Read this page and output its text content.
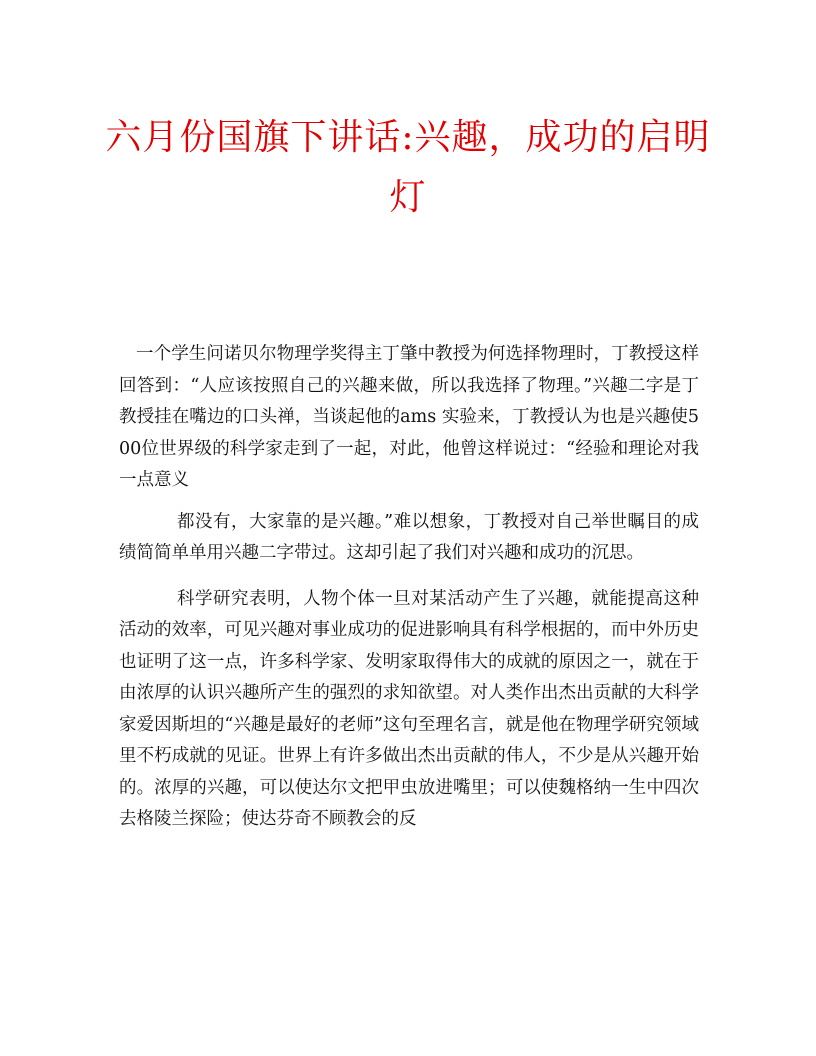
六月份国旗下讲话:兴趣，成功的启明灯

一个学生问诺贝尔物理学奖得主丁肇中教授为何选择物理时，丁教授这样回答到：“人应该按照自己的兴趣来做，所以我选择了物理。”兴趣二字是丁教授挂在嘴边的口头禅，当谈起他的ams 实验来，丁教授认为也是兴趣使500位世界级的科学家走到了一起，对此，他曾这样说过：“经验和理论对我一点意义

都没有，大家靠的是兴趣。”难以想象，丁教授对自己举世瞩目的成绩简简单单用兴趣二字带过。这却引起了我们对兴趣和成功的沉思。

科学研究表明，人物个体一旦对某活动产生了兴趣，就能提高这种活动的效率，可见兴趣对事业成功的促进影响具有科学根据的，而中外历史也证明了这一点，许多科学家、发明家取得伟大的成就的原因之一，就在于由浓厚的认识兴趣所产生的强烈的求知欲望。对人类作出杰出贡献的大科学家爱因斯坦的“兴趣是最好的老师”这句至理名言，就是他在物理学研究领域里不朽成就的见证。世界上有许多做出杰出贡献的伟人，不少是从兴趣开始的。浓厚的兴趣，可以使达尔文把甲虫放进嘴里；可以使魏格纳一生中四次去格陵兰探险；使达芬奇不顾教会的反
